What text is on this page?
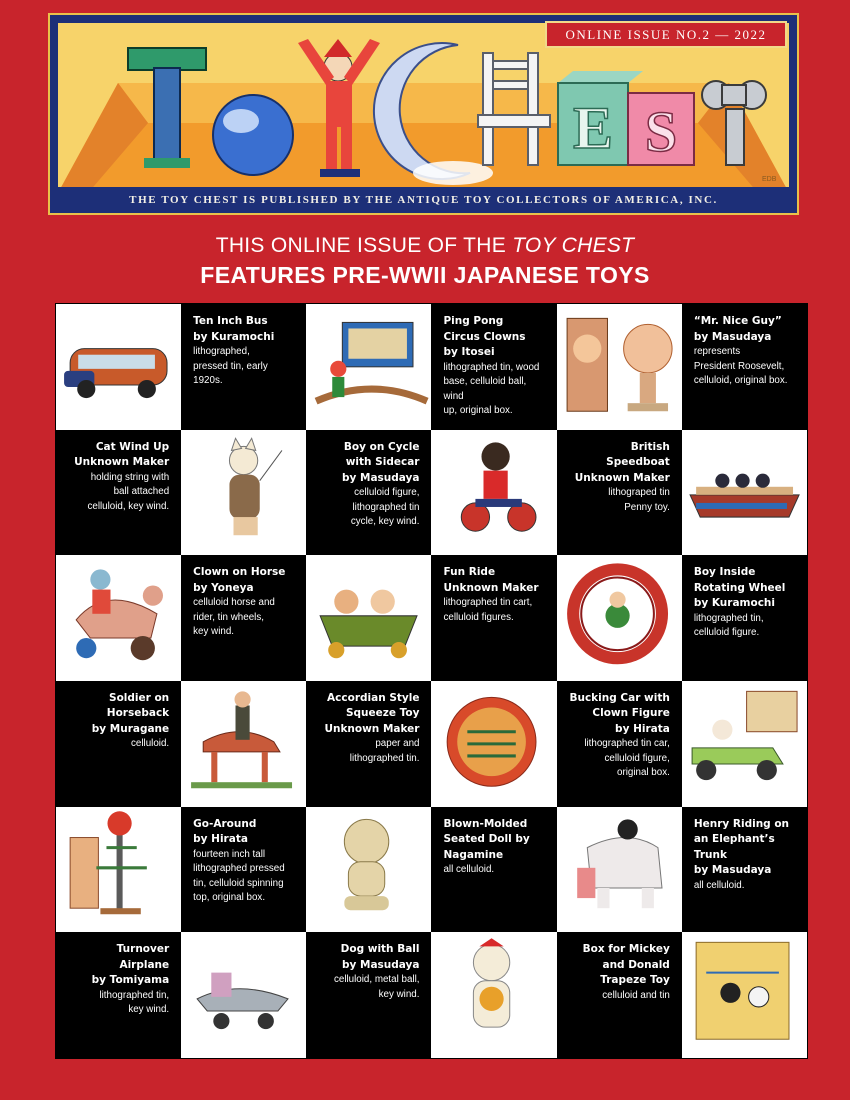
E S
EDB
ONLINE ISSUE NO.2 — 2022
THE TOY CHEST IS PUBLISHED BY THE ANTIQUE TOY COLLECTORS OF AMERICA, INC.
THIS ONLINE ISSUE OF THE TOY CHEST
FEATURES PRE-WWII JAPANESE TOYS
Ten Inch Bus
by Kuramochi
lithographed,
pressed tin, early
1920s.
Ping Pong
Circus Clowns
by Itosei
lithographed tin, wood
base, celluloid ball, wind
up, original box.
“Mr. Nice Guy”
by Masudaya
represents
President Roosevelt,
celluloid, original box.
Cat Wind Up
Unknown Maker
holding string with
ball attached
celluloid, key wind.
Boy on Cycle
with Sidecar
by Masudaya
celluloid figure,
lithographed tin
cycle, key wind.
British
Speedboat
Unknown Maker
lithograped tin
Penny toy.
Clown on Horse
by Yoneya
celluloid horse and
rider, tin wheels,
key wind.
Fun Ride
Unknown Maker
lithographed tin cart,
celluloid figures.
Boy Inside
Rotating Wheel
by Kuramochi
lithographed tin,
celluloid figure.
Soldier on
Horseback
by Muragane
celluloid.
Accordian Style
Squeeze Toy
Unknown Maker
paper and
lithographed tin.
Bucking Car with
Clown Figure
by Hirata
lithographed tin car,
celluloid figure,
original box.
Go-Around
by Hirata
fourteen inch tall
lithographed pressed
tin, celluloid spinning
top, original box.
Blown-Molded
Seated Doll by
Nagamine
all celluloid.
Henry Riding on
an Elephant’s
Trunk
by Masudaya
all celluloid.
Turnover Airplane
by Tomiyama
lithographed tin,
key wind.
Dog with Ball
by Masudaya
celluloid, metal ball,
key wind.
Box for Mickey
and Donald
Trapeze Toy
celluloid and tin
